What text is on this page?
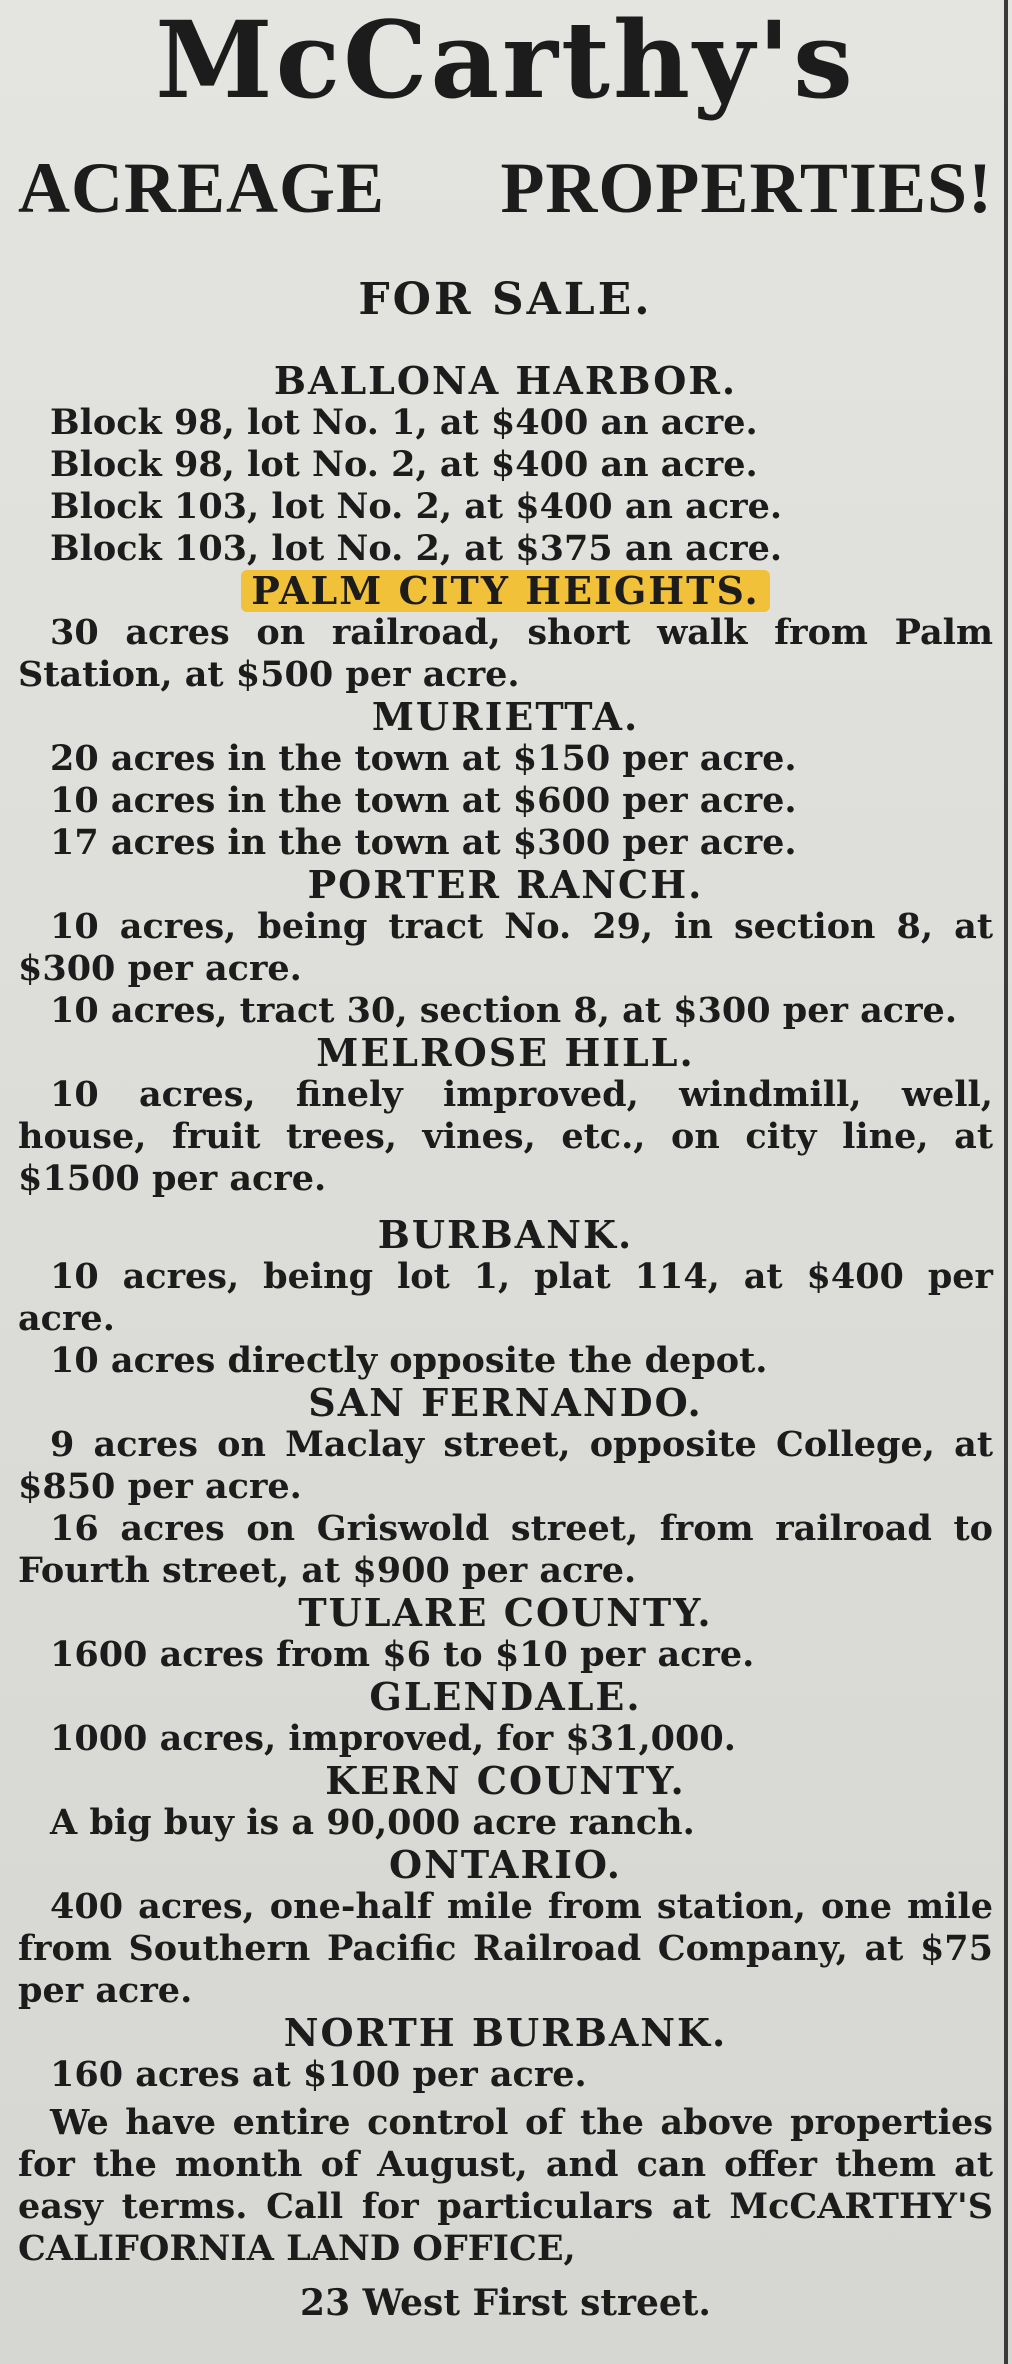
McCarthy's
ACREAGE PROPERTIES!
FOR SALE.
BALLONA HARBOR.
Block 98, lot No. 1, at $400 an acre.
Block 98, lot No. 2, at $400 an acre.
Block 103, lot No. 2, at $400 an acre.
Block 103, lot No. 2, at $375 an acre.
PALM CITY HEIGHTS.
30 acres on railroad, short walk from Palm Station, at $500 per acre.
MURIETTA.
20 acres in the town at $150 per acre.
10 acres in the town at $600 per acre.
17 acres in the town at $300 per acre.
PORTER RANCH.
10 acres, being tract No. 29, in section 8, at $300 per acre.
10 acres, tract 30, section 8, at $300 per acre.
MELROSE HILL.
10 acres, finely improved, windmill, well, house, fruit trees, vines, etc., on city line, at $1500 per acre.
BURBANK.
10 acres, being lot 1, plat 114, at $400 per acre.
10 acres directly opposite the depot.
SAN FERNANDO.
9 acres on Maclay street, opposite College, at $850 per acre.
16 acres on Griswold street, from railroad to Fourth street, at $900 per acre.
TULARE COUNTY.
1600 acres from $6 to $10 per acre.
GLENDALE.
1000 acres, improved, for $31,000.
KERN COUNTY.
A big buy is a 90,000 acre ranch.
ONTARIO.
400 acres, one-half mile from station, one mile from Southern Pacific Railroad Company, at $75 per acre.
NORTH BURBANK.
160 acres at $100 per acre.
We have entire control of the above properties for the month of August, and can offer them at easy terms. Call for particulars at McCARTHY'S CALIFORNIA LAND OFFICE,
23 West First street.
